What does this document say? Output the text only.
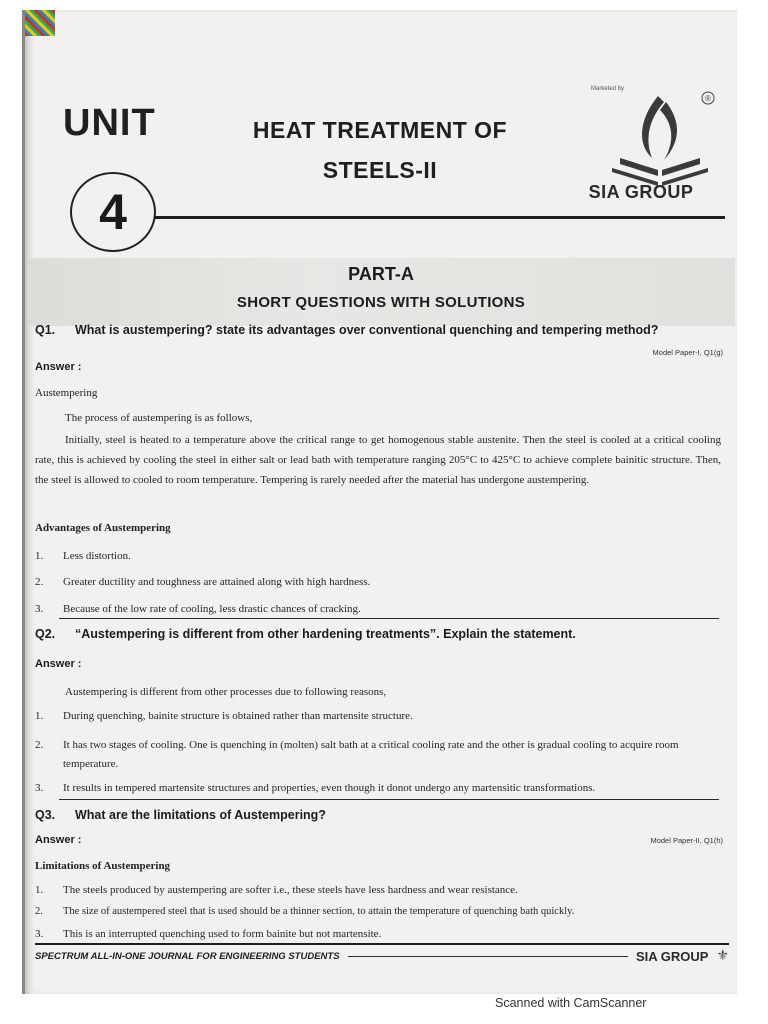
UNIT
4
HEAT TREATMENT OF
STEELS-II
Marketed by
®
SIA GROUP
PART-A
SHORT QUESTIONS WITH SOLUTIONS
Q1. What is austempering? state its advantages over conventional quenching and tempering method?
Model Paper-I, Q1(g)
Answer :
Austempering
The process of austempering is as follows,
Initially, steel is heated to a temperature above the critical range to get homogenous stable austenite. Then the steel is cooled at a critical cooling rate, this is achieved by cooling the steel in either salt or lead bath with temperature ranging 205°C to 425°C to achieve complete bainitic structure. Then, the steel is allowed to cooled to room temperature. Tempering is rarely needed after the material has undergone austempering.
Advantages of Austempering
1. Less distortion.
2. Greater ductility and toughness are attained along with high hardness.
3. Because of the low rate of cooling, less drastic chances of cracking.
Q2. “Austempering is different from other hardening treatments”. Explain the statement.
Answer :
Austempering is different from other processes due to following reasons,
1. During quenching, bainite structure is obtained rather than martensite structure.
2. It has two stages of cooling. One is quenching in (molten) salt bath at a critical cooling rate and the other is gradual cooling to acquire room temperature.
3. It results in tempered martensite structures and properties, even though it donot undergo any martensitic transformations.
Q3. What are the limitations of Austempering?
Answer :	Model Paper-II, Q1(h)
Limitations of Austempering
1. The steels produced by austempering are softer i.e., these steels have less hardness and wear resistance.
2. The size of austempered steel that is used should be a thinner section, to attain the temperature of quenching bath quickly.
3. This is an interrupted quenching used to form bainite but not martensite.
SPECTRUM ALL-IN-ONE JOURNAL FOR ENGINEERING STUDENTS	SIA GROUP ⚜
Scanned with CamScanner
